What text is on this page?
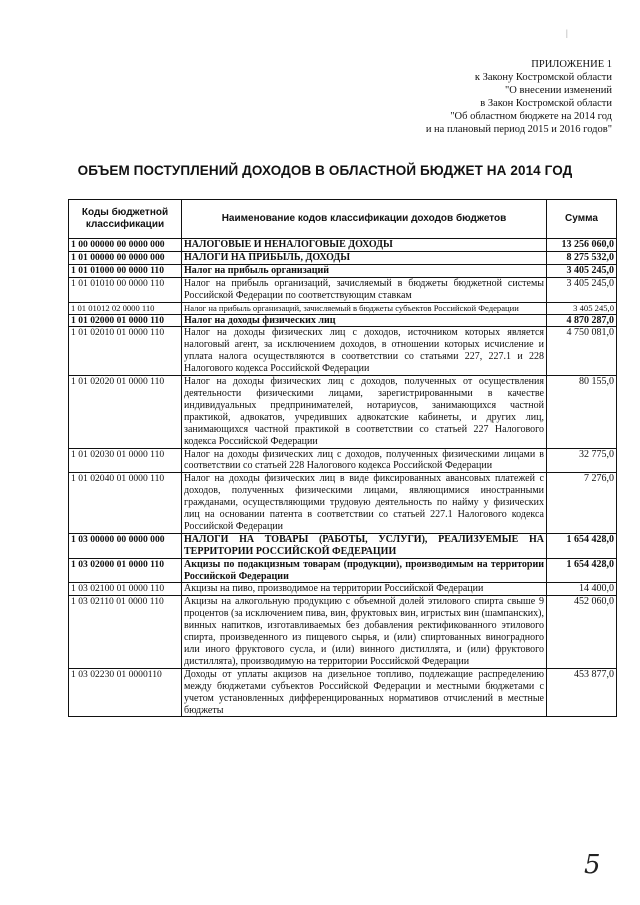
|
ПРИЛОЖЕНИЕ 1
к Закону Костромской области
"О внесении изменений
в Закон Костромской области
"Об областном бюджете на 2014 год
и на плановый период 2015 и 2016 годов"
ОБЪЕМ ПОСТУПЛЕНИЙ ДОХОДОВ В ОБЛАСТНОЙ БЮДЖЕТ НА 2014 ГОД
Коды бюджетной классификации	Наименование кодов классификации доходов бюджетов	Сумма
1 00 00000 00 0000 000	НАЛОГОВЫЕ И НЕНАЛОГОВЫЕ ДОХОДЫ	13 256 060,0
1 01 00000 00 0000 000	НАЛОГИ НА ПРИБЫЛЬ, ДОХОДЫ	8 275 532,0
1 01 01000 00 0000 110	Налог на прибыль организаций	3 405 245,0
1 01 01010 00 0000 110	Налог на прибыль организаций, зачисляемый в бюджеты бюджетной системы Российской Федерации по соответствующим ставкам	3 405 245,0
1 01 01012 02 0000 110	Налог на прибыль организаций, зачисляемый в бюджеты субъектов Российской Федерации	3 405 245,0
1 01 02000 01 0000 110	Налог на доходы физических лиц	4 870 287,0
1 01 02010 01 0000 110	Налог на доходы физических лиц с доходов, источником которых является налоговый агент, за исключением доходов, в отношении которых исчисление и уплата налога осуществляются в соответствии со статьями 227, 227.1 и 228 Налогового кодекса Российской Федерации	4 750 081,0
1 01 02020 01 0000 110	Налог на доходы физических лиц с доходов, полученных от осуществления деятельности физическими лицами, зарегистрированными в качестве индивидуальных предпринимателей, нотариусов, занимающихся частной практикой, адвокатов, учредивших адвокатские кабинеты, и других лиц, занимающихся частной практикой в соответствии со статьей 227 Налогового кодекса Российской Федерации	80 155,0
1 01 02030 01 0000 110	Налог на доходы физических лиц с доходов, полученных физическими лицами в соответствии со статьей 228 Налогового кодекса Российской Федерации	32 775,0
1 01 02040 01 0000 110	Налог на доходы физических лиц в виде фиксированных авансовых платежей с доходов, полученных физическими лицами, являющимися иностранными гражданами, осуществляющими трудовую деятельность по найму у физических лиц на основании патента в соответствии со статьей 227.1 Налогового кодекса Российской Федерации	7 276,0
1 03 00000 00 0000 000	НАЛОГИ НА ТОВАРЫ (РАБОТЫ, УСЛУГИ), РЕАЛИЗУЕМЫЕ НА ТЕРРИТОРИИ РОССИЙСКОЙ ФЕДЕРАЦИИ	1 654 428,0
1 03 02000 01 0000 110	Акцизы по подакцизным товарам (продукции), производимым на территории Российской Федерации	1 654 428,0
1 03 02100 01 0000 110	Акцизы на пиво, производимое на территории Российской Федерации	14 400,0
1 03 02110 01 0000 110	Акцизы на алкогольную продукцию с объемной долей этилового спирта свыше 9 процентов (за исключением пива, вин, фруктовых вин, игристых вин (шампанских), винных напитков, изготавливаемых без добавления ректификованного этилового спирта, произведенного из пищевого сырья, и (или) спиртованных виноградного или иного фруктового сусла, и (или) винного дистиллята, и (или) фруктового дистиллята), производимую на территории Российской Федерации	452 060,0
1 03 02230 01 0000110	Доходы от уплаты акцизов на дизельное топливо, подлежащие распределению между бюджетами субъектов Российской Федерации и местными бюджетами с учетом установленных дифференцированных нормативов отчислений в местные бюджеты	453 877,0
5
